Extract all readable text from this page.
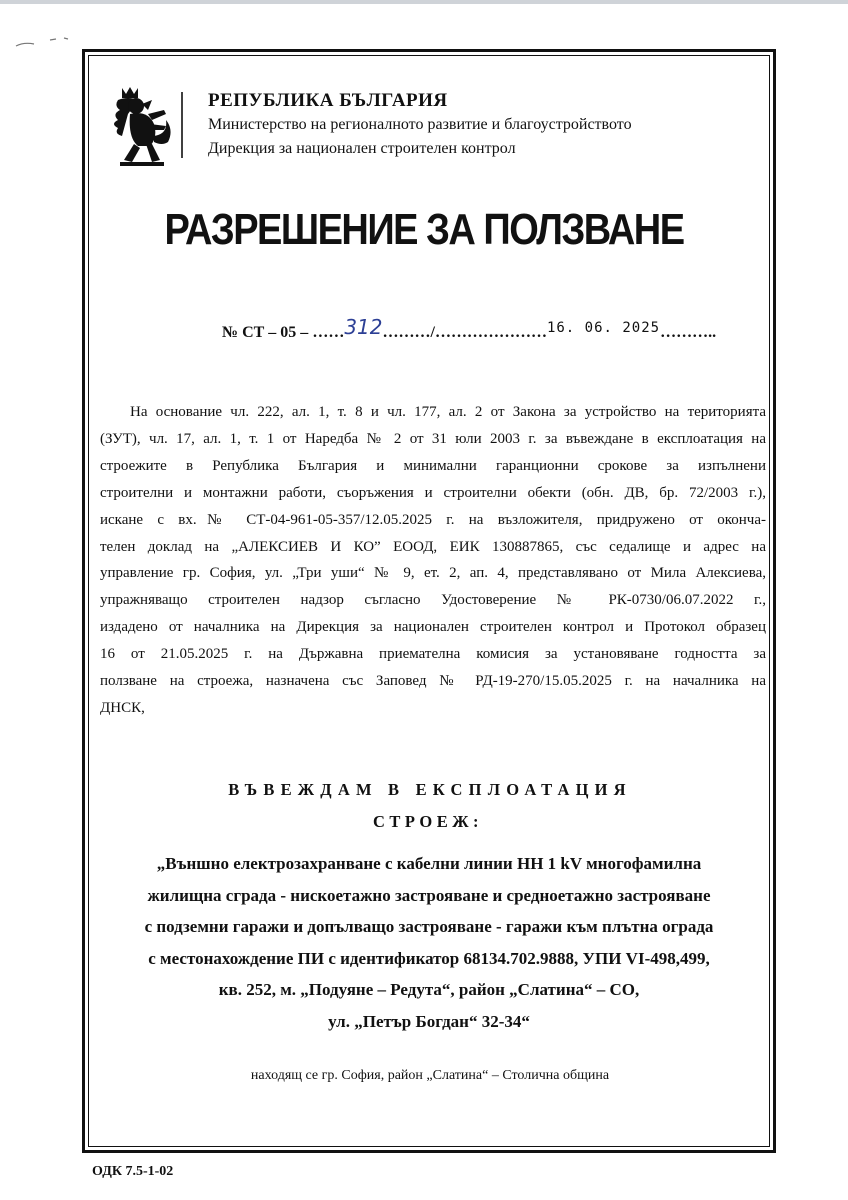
РЕПУБЛИКА БЪЛГАРИЯ
Министерство на регионалното развитие и благоустройството
Дирекция за национален строителен контрол
РАЗРЕШЕНИЕ ЗА ПОЛЗВАНЕ
№ СТ – 05 – ……312………/…………………16. 06. 2025………..
На основание чл. 222, ал. 1, т. 8 и чл. 177, ал. 2 от Закона за устройство на територията
(ЗУТ), чл. 17, ал. 1, т. 1 от Наредба № 2 от 31 юли 2003 г. за въвеждане в експлоатация на
строежите в Република България и минимални гаранционни срокове за изпълнени
строителни и монтажни работи, съоръжения и строителни обекти (обн. ДВ, бр. 72/2003 г.),
искане с вх.№ СТ-04-961-05-357/12.05.2025 г. на възложителя, придружено от оконча-
телен доклад на „АЛЕКСИЕВ И КО” ЕООД, ЕИК 130887865, със седалище и адрес на
управление гр. София, ул. „Три уши“ № 9, ет. 2, ап. 4, представлявано от Мила Алексиева,
упражняващо строителен надзор съгласно Удостоверение № РК-0730/06.07.2022 г.,
издадено от началника на Дирекция за национален строителен контрол и Протокол образец
16 от 21.05.2025 г. на Държавна приемателна комисия за установяване годността за
ползване на строежа, назначена със Заповед № РД-19-270/15.05.2025 г. на началника на
ДНСК,
ВЪВЕЖДАМ В ЕКСПЛОАТАЦИЯ
СТРОЕЖ:
„Външно електрозахранване с кабелни линии НН 1 kV многофамилна
жилищна сграда - нискоетажно застрояване и средноетажно застрояване
с подземни гаражи и допълващо застрояване - гаражи към плътна ограда
с местонахождение ПИ с идентификатор 68134.702.9888, УПИ VI-498,499,
кв. 252, м. „Подуяне – Редута“, район „Слатина“ – СО,
ул. „Петър Богдан“ 32-34“
находящ се гр. София, район „Слатина“ – Столична община
ОДК 7.5-1-02
